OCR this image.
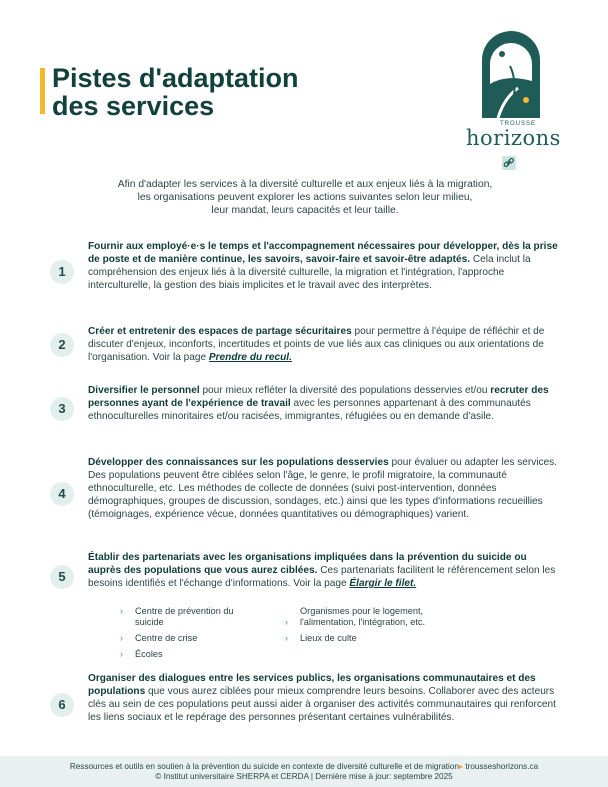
Pistes d'adaptation
des services
TROUSSE
horizons

Afin d'adapter les services à la diversité culturelle et aux enjeux liés à la migration,
les organisations peuvent explorer les actions suivantes selon leur milieu,
leur mandat, leurs capacités et leur taille.

1

Fournir aux employé·e·s le temps et l'accompagnement nécessaires pour développer, dès la prise de poste et de manière continue, les savoirs, savoir-faire et savoir-être adaptés. Cela inclut la compréhension des enjeux liés à la diversité culturelle, la migration et l'intégration, l'approche interculturelle, la gestion des biais implicites et le travail avec des interprètes.

2

Créer et entretenir des espaces de partage sécuritaires pour permettre à l'équipe de réfléchir et de discuter d'enjeux, inconforts, incertitudes et points de vue liés aux cas cliniques ou aux orientations de l'organisation. Voir la page Prendre du recul.

3

Diversifier le personnel pour mieux refléter la diversité des populations desservies et/ou recruter des personnes ayant de l'expérience de travail avec les personnes appartenant à des communautés ethnoculturelles minoritaires et/ou racisées, immigrantes, réfugiées ou en demande d'asile.

4

Développer des connaissances sur les populations desservies pour évaluer ou adapter les services. Des populations peuvent être ciblées selon l'âge, le genre, le profil migratoire, la communauté ethnoculturelle, etc. Les méthodes de collecte de données (suivi post-intervention, données démographiques, groupes de discussion, sondages, etc.) ainsi que les types d'informations recueillies (témoignages, expérience vécue, données quantitatives ou démographiques) varient.

5

Établir des partenariats avec les organisations impliquées dans la prévention du suicide ou auprès des populations que vous aurez ciblées. Ces partenariats facilitent le référencement selon les besoins identifiés et l'échange d'informations. Voir la page Élargir le filet.

› Centre de prévention du suicide
› Centre de crise
› Écoles
›
Organismes pour le logement, l'alimentation, l'intégration, etc.
› Lieux de culte
6

Organiser des dialogues entre les services publics, les organisations communautaires et des populations que vous aurez ciblées pour mieux comprendre leurs besoins. Collaborer avec des acteurs clés au sein de ces populations peut aussi aider à organiser des activités communautaires qui renforcent les liens sociaux et le repérage des personnes présentant certaines vulnérabilités.

Ressources et outils en soutien à la prévention du suicide en contexte de diversité culturelle et de migration▸ trousseshorizons.ca
© Institut universitaire SHERPA et CERDA | Dernière mise à jour: septembre 2025
